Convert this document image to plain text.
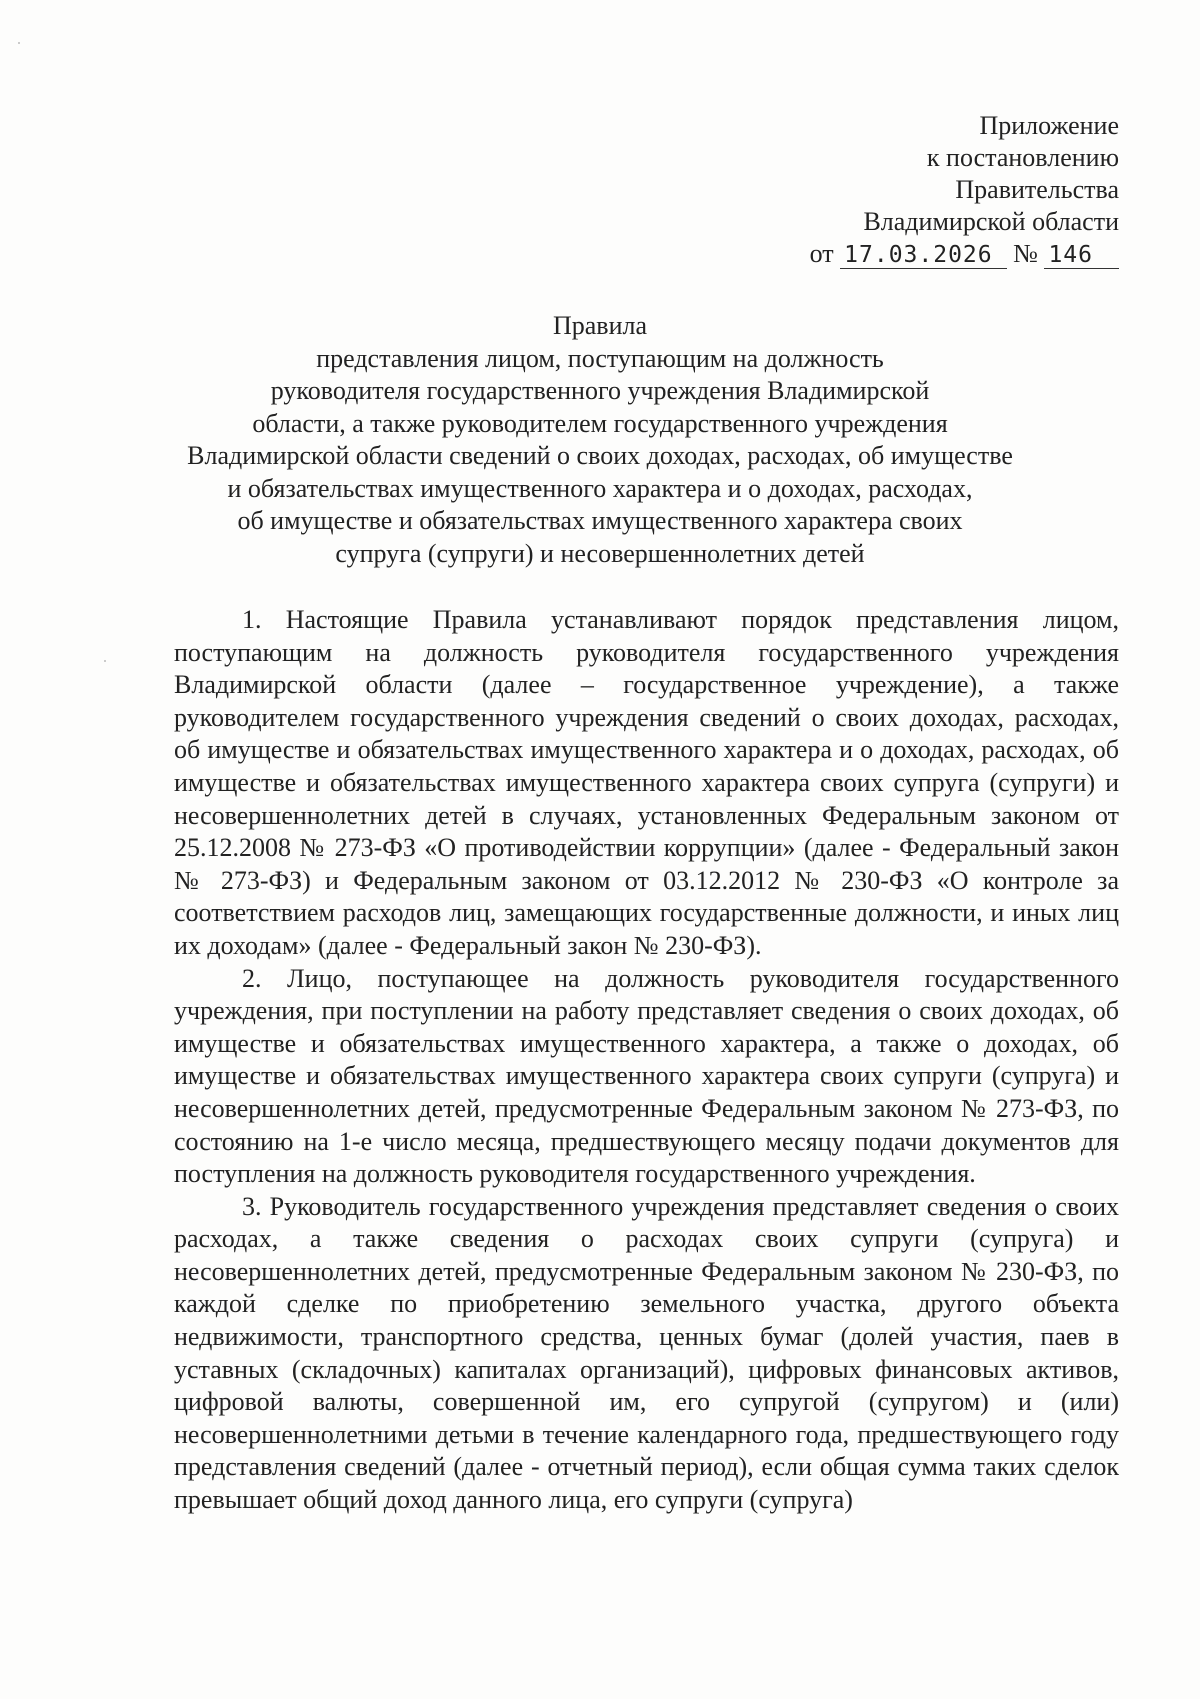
Приложение
к постановлению
Правительства
Владимирской области
от 17.03.2026 № 146
Правила
представления лицом, поступающим на должность
руководителя государственного учреждения Владимирской
области, а также руководителем государственного учреждения
Владимирской области сведений о своих доходах, расходах, об имуществе
и обязательствах имущественного характера и о доходах, расходах,
об имуществе и обязательствах имущественного характера своих
супруга (супруги) и несовершеннолетних детей

1. Настоящие Правила устанавливают порядок представления лицом, поступающим на должность руководителя государственного учреждения Владимирской области (далее – государственное учреждение), а также руководителем государственного учреждения сведений о своих доходах, расходах, об имуществе и обязательствах имущественного характера и о доходах, расходах, об имуществе и обязательствах имущественного характера своих супруга (супруги) и несовершеннолетних детей в случаях, установленных Федеральным законом от 25.12.2008 № 273-ФЗ «О противодействии коррупции» (далее - Федеральный закон № 273-ФЗ) и Федеральным законом от 03.12.2012 № 230-ФЗ «О контроле за соответствием расходов лиц, замещающих государственные должности, и иных лиц их доходам» (далее - Федеральный закон № 230-ФЗ).

2. Лицо, поступающее на должность руководителя государственного учреждения, при поступлении на работу представляет сведения о своих доходах, об имуществе и обязательствах имущественного характера, а также о доходах, об имуществе и обязательствах имущественного характера своих супруги (супруга) и несовершеннолетних детей, предусмотренные Федеральным законом № 273-ФЗ, по состоянию на 1-е число месяца, предшествующего месяцу подачи документов для поступления на должность руководителя государственного учреждения.

3. Руководитель государственного учреждения представляет сведения о своих расходах, а также сведения о расходах своих супруги (супруга) и несовершеннолетних детей, предусмотренные Федеральным законом № 230-ФЗ, по каждой сделке по приобретению земельного участка, другого объекта недвижимости, транспортного средства, ценных бумаг (долей участия, паев в уставных (складочных) капиталах организаций), цифровых финансовых активов, цифровой валюты, совершенной им, его супругой (супругом) и (или) несовершеннолетними детьми в течение календарного года, предшествующего году представления сведений (далее - отчетный период), если общая сумма таких сделок превышает общий доход данного лица, его супруги (супруга)
